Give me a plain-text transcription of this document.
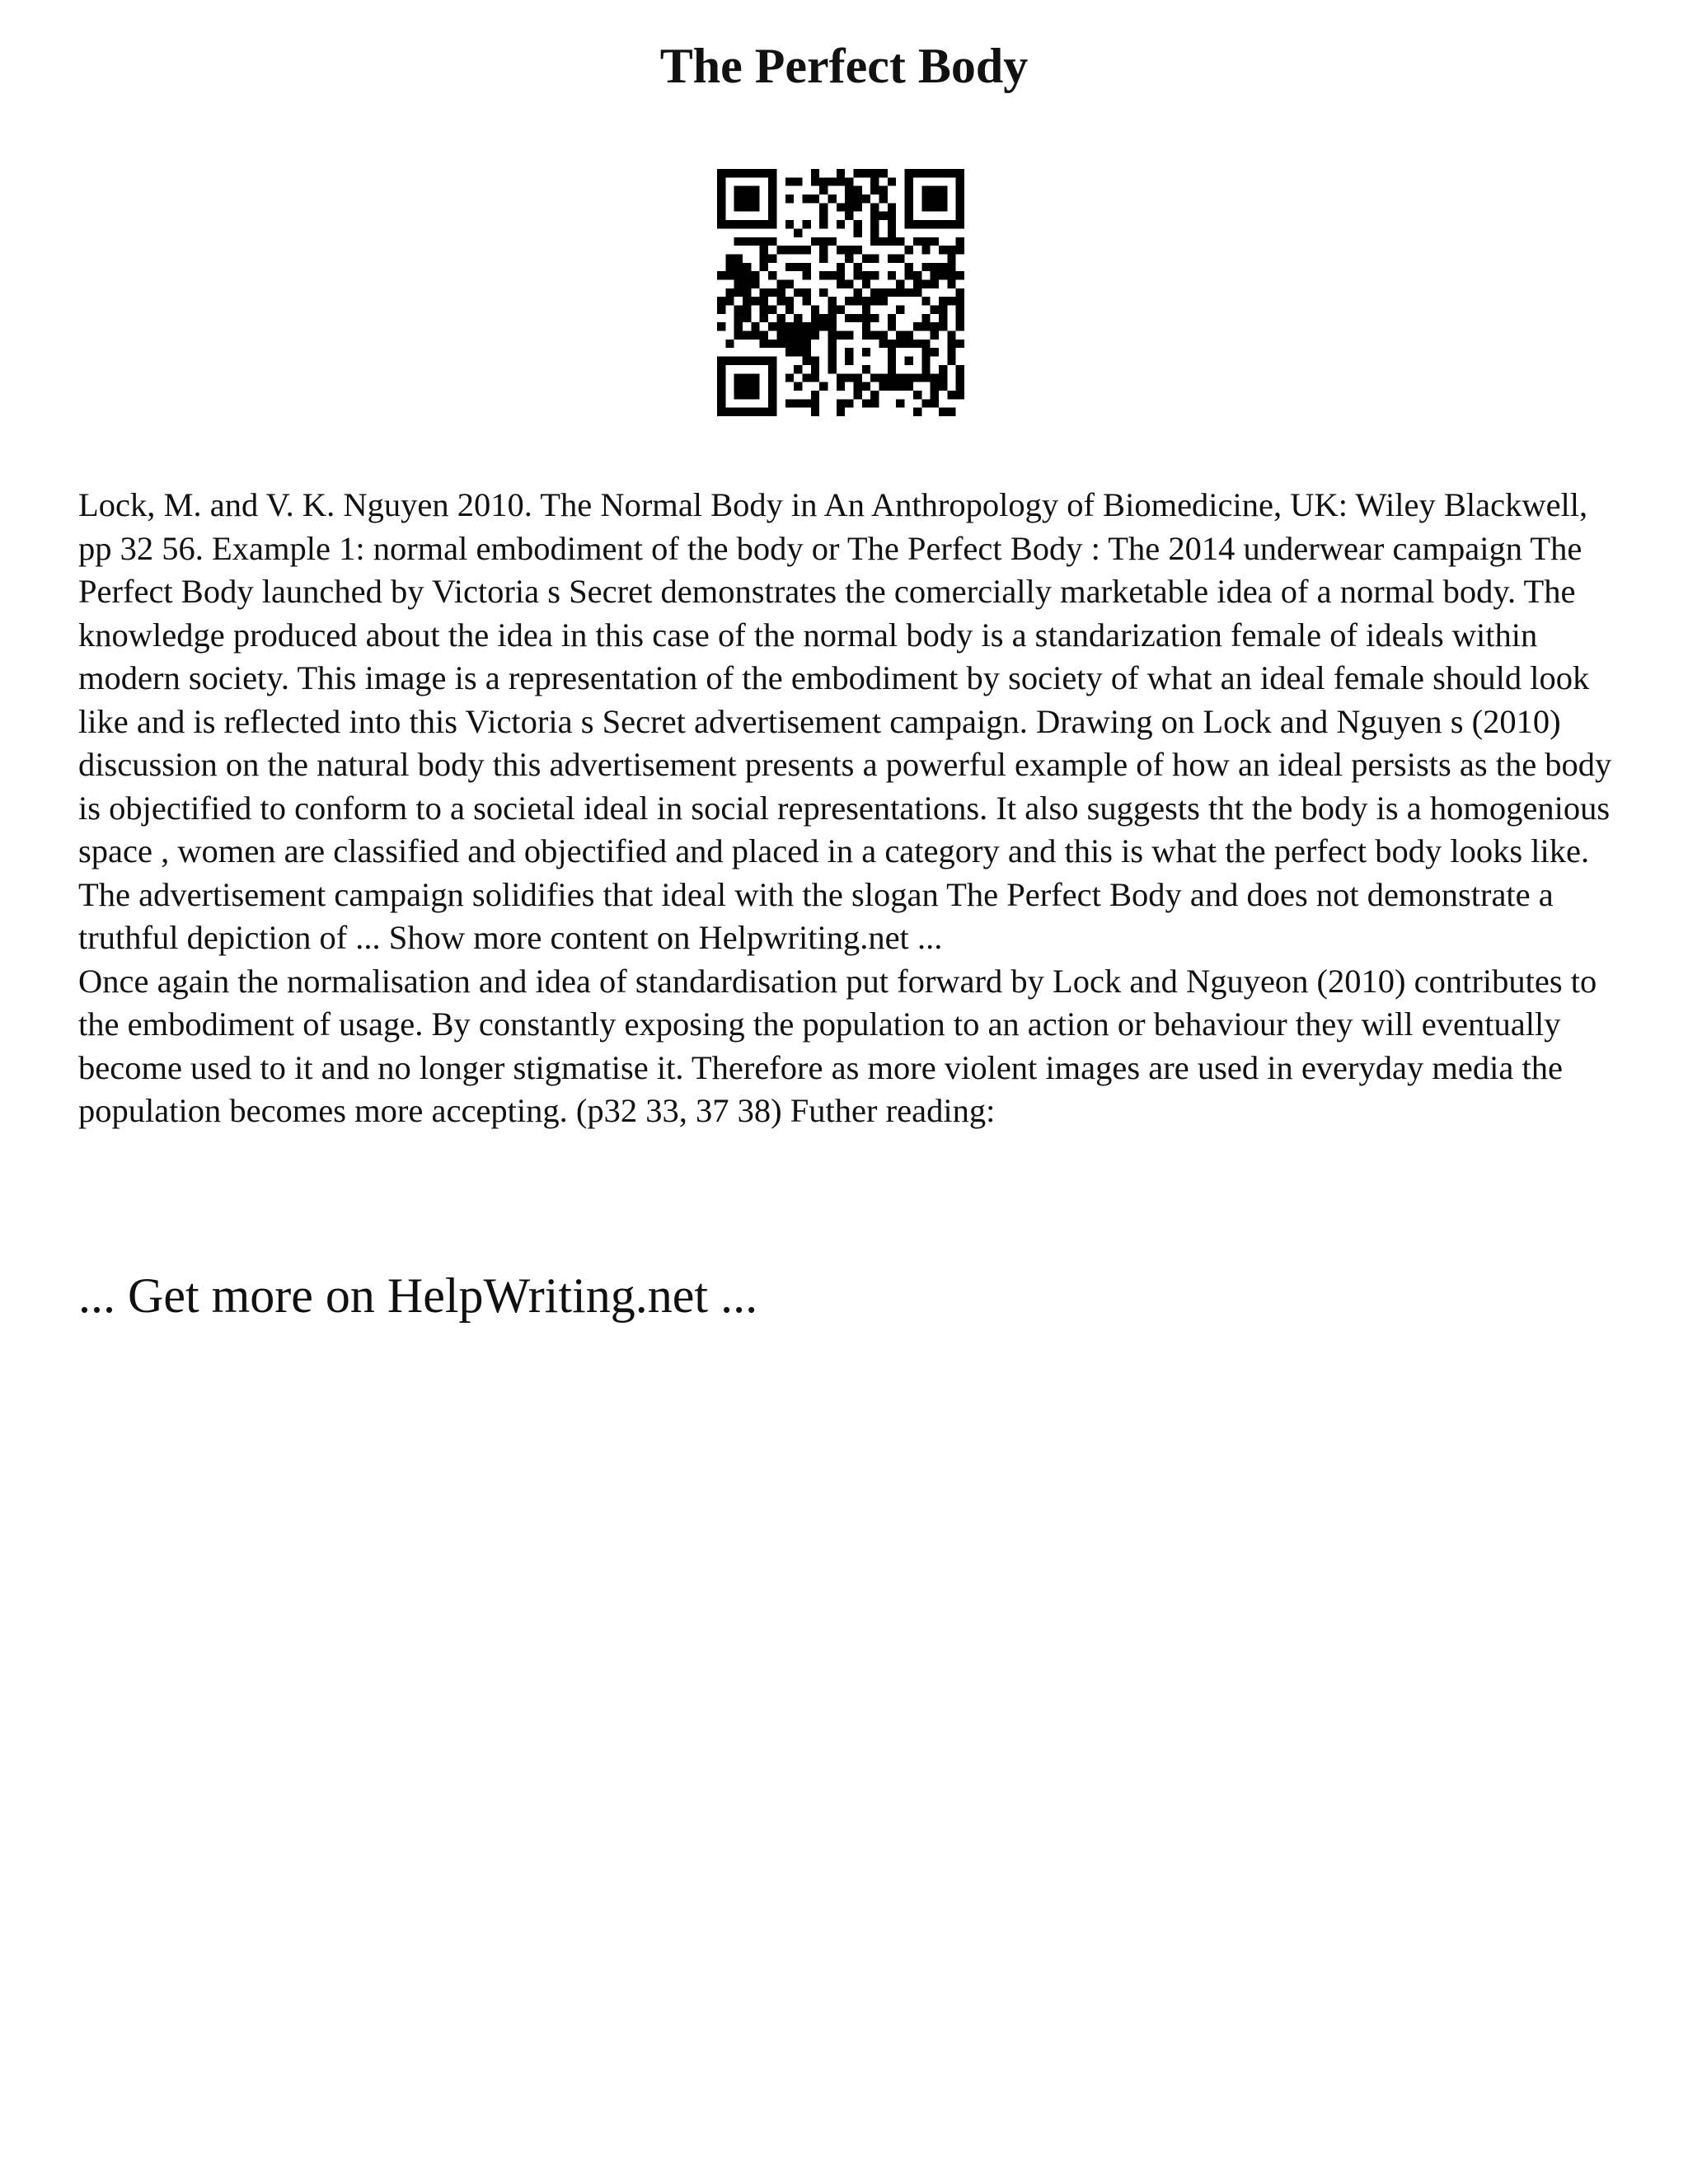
The Perfect Body

Lock, M. and V. K. Nguyen 2010. The Normal Body in An Anthropology of Biomedicine, UK: Wiley Blackwell, pp 32 56. Example 1: normal embodiment of the body or The Perfect Body : The 2014 underwear campaign The Perfect Body launched by Victoria s Secret demonstrates the comercially marketable idea of a normal body. The knowledge produced about the idea in this case of the normal body is a standarization female of ideals within modern society. This image is a representation of the embodiment by society of what an ideal female should look like and is reflected into this Victoria s Secret advertisement campaign. Drawing on Lock and Nguyen s (2010) discussion on the natural body this advertisement presents a powerful example of how an ideal persists as the body is objectified to conform to a societal ideal in social representations. It also suggests tht the body is a homogenious space , women are classified and objectified and placed in a category and this is what the perfect body looks like. The advertisement campaign solidifies that ideal with the slogan The Perfect Body and does not demonstrate a truthful depiction of ... Show more content on Helpwriting.net ...

Once again the normalisation and idea of standardisation put forward by Lock and Nguyeon (2010) contributes to the embodiment of usage. By constantly exposing the population to an action or behaviour they will eventually become used to it and no longer stigmatise it. Therefore as more violent images are used in everyday media the population becomes more accepting. (p32 33, 37 38) Futher reading:

... Get more on HelpWriting.net ...
